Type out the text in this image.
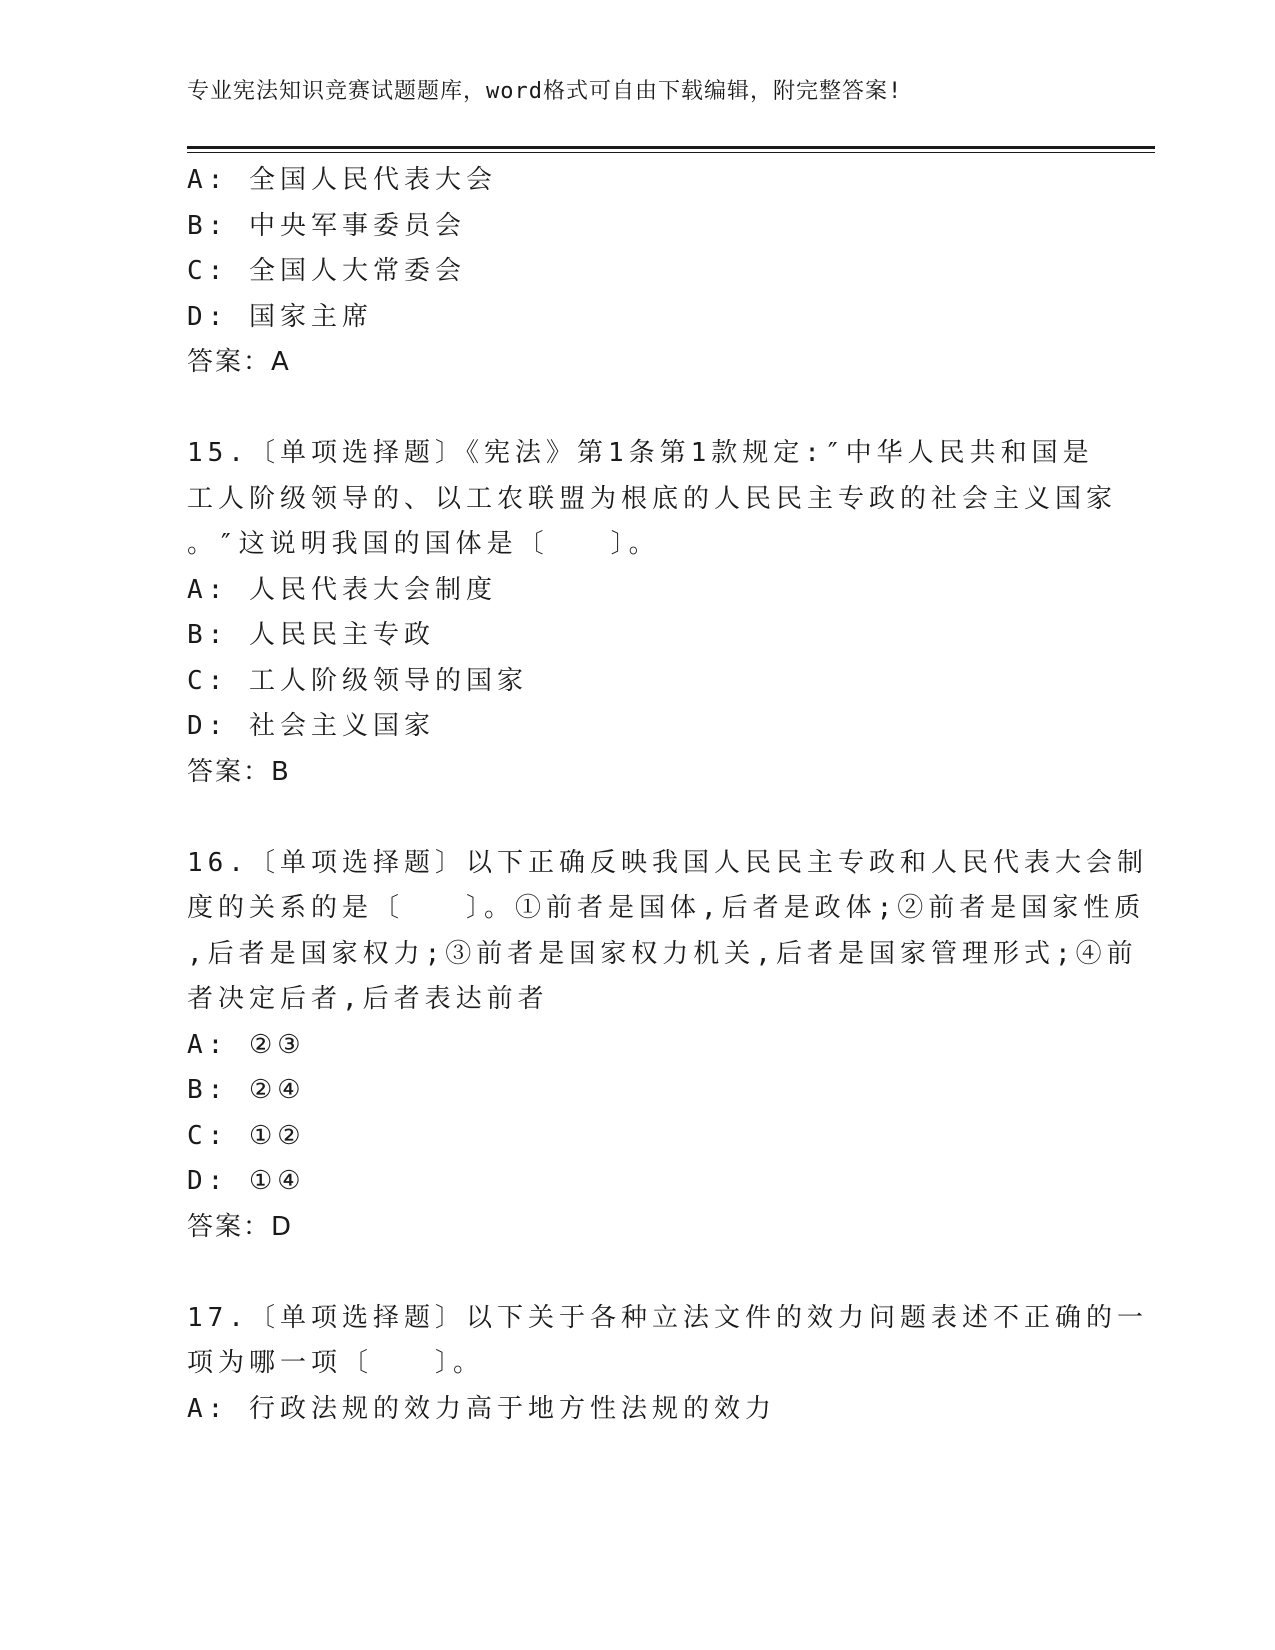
专业宪法知识竞赛试题题库，word格式可自由下载编辑，附完整答案!
A: 全国人民代表大会
B: 中央军事委员会
C: 全国人大常委会
D: 国家主席
答案：A
15.〔单项选择题〕《宪法》第1条第1款规定:″中华人民共和国是
工人阶级领导的、以工农联盟为根底的人民民主专政的社会主义国家
。″这说明我国的国体是〔　　〕。
A: 人民代表大会制度
B: 人民民主专政
C: 工人阶级领导的国家
D: 社会主义国家
答案：B
16.〔单项选择题〕以下正确反映我国人民民主专政和人民代表大会制
度的关系的是〔　　〕。①前者是国体,后者是政体;②前者是国家性质
,后者是国家权力;③前者是国家权力机关,后者是国家管理形式;④前
者决定后者,后者表达前者
A: ②③
B: ②④
C: ①②
D: ①④
答案：D
17.〔单项选择题〕以下关于各种立法文件的效力问题表述不正确的一
项为哪一项〔　　〕。
A: 行政法规的效力高于地方性法规的效力
